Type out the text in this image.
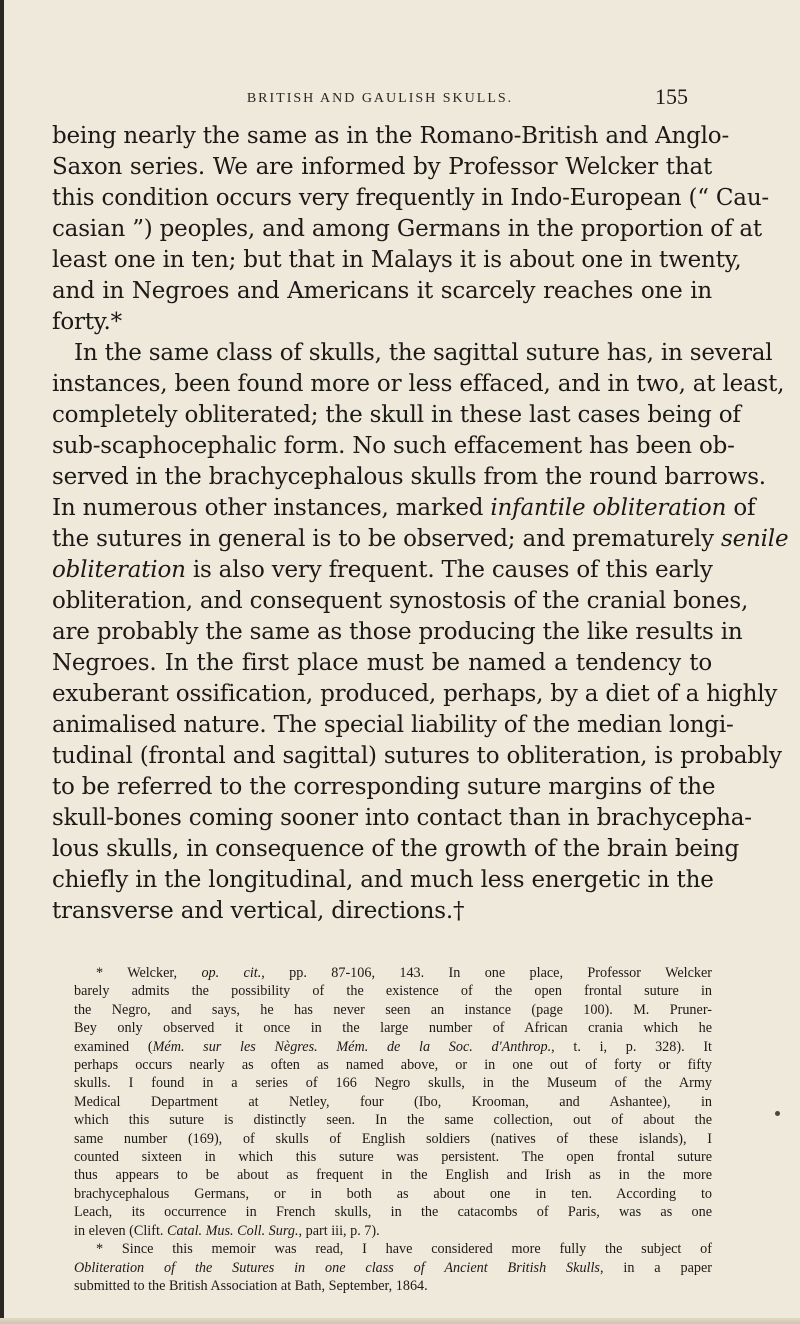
BRITISH AND GAULISH SKULLS.	155

being nearly the same as in the Romano-British and Anglo-
Saxon series. We are informed by Professor Welcker that
this condition occurs very frequently in Indo-European (“ Cau-
casian ”) peoples, and among Germans in the proportion of at
least one in ten; but that in Malays it is about one in twenty,
and in Negroes and Americans it scarcely reaches one in
forty.*

In the same class of skulls, the sagittal suture has, in several
instances, been found more or less effaced, and in two, at least,
completely obliterated; the skull in these last cases being of
sub-scaphocephalic form. No such effacement has been ob-
served in the brachycephalous skulls from the round barrows.
In numerous other instances, marked infantile obliteration of
the sutures in general is to be observed; and prematurely senile
obliteration is also very frequent. The causes of this early
obliteration, and consequent synostosis of the cranial bones,
are probably the same as those producing the like results in
Negroes. In the first place must be named a tendency to
exuberant ossification, produced, perhaps, by a diet of a highly
animalised nature. The special liability of the median longi-
tudinal (frontal and sagittal) sutures to obliteration, is probably
to be referred to the corresponding suture margins of the
skull-bones coming sooner into contact than in brachycepha-
lous skulls, in consequence of the growth of the brain being
chiefly in the longitudinal, and much less energetic in the
transverse and vertical, directions.†

* Welcker, op. cit., pp. 87-106, 143. In one place, Professor Welcker
barely admits the possibility of the existence of the open frontal suture in
the Negro, and says, he has never seen an instance (page 100). M. Pruner-
Bey only observed it once in the large number of African crania which he
examined (Mém. sur les Nègres. Mém. de la Soc. d'Anthrop., t. i, p. 328). It
perhaps occurs nearly as often as named above, or in one out of forty or fifty
skulls. I found in a series of 166 Negro skulls, in the Museum of the Army
Medical Department at Netley, four (Ibo, Krooman, and Ashantee), in
which this suture is distinctly seen. In the same collection, out of about the
same number (169), of skulls of English soldiers (natives of these islands), I
counted sixteen in which this suture was persistent. The open frontal suture
thus appears to be about as frequent in the English and Irish as in the more
brachycephalous Germans, or in both as about one in ten. According to
Leach, its occurrence in French skulls, in the catacombs of Paris, was as one
in eleven (Clift. Catal. Mus. Coll. Surg., part iii, p. 7).

* Since this memoir was read, I have considered more fully the subject of
Obliteration of the Sutures in one class of Ancient British Skulls, in a paper
submitted to the British Association at Bath, September, 1864.
